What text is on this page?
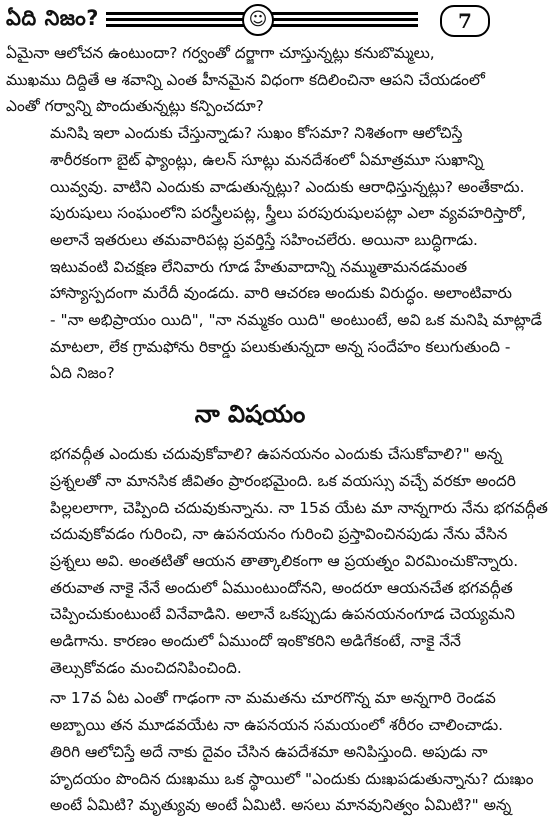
ఏది నిజం?	☺	7

ఏమైనా ఆలోచన ఉంటుందా? గర్వంతో దర్జాగా చూస్తున్నట్లు కనుబొమ్మలు,
ముఖము దిద్దితే ఆ శవాన్ని ఎంత హీనమైన విధంగా కదిలించినా ఆపని చేయడంలో
ఎంతో గర్వాన్ని పొందుతున్నట్లు కన్పించదూ?

మనిషి ఇలా ఎందుకు చేస్తున్నాడు? సుఖం కోసమా? నిశితంగా ఆలోచిస్తే
శారీరకంగా బైట్ ఫ్యాంట్లు, ఉలన్ సూట్లు మనదేశంలో ఏమాత్రమూ సుఖాన్ని
యివ్వవు. వాటిని ఎందుకు వాడుతున్నట్లు? ఎందుకు ఆరాధిస్తున్నట్లు? అంతేకాదు.
పురుషులు సంఘంలోని పరస్త్రీలపట్ల, స్త్రీలు పరపురుషులపట్లా ఎలా వ్యవహరిస్తారో,
అలానే ఇతరులు తమవారిపట్ల ప్రవర్తిస్తే సహించలేరు. అయినా బుద్ధిగాడు.
ఇటువంటి విచక్షణ లేనివారు గూడ హేతువాదాన్ని నమ్ముతామనడమంత
హాస్యాస్పదంగా మరేదీ వుండదు. వారి ఆచరణ అందుకు విరుద్ధం. అలాంటివారు
- "నా అభిప్రాయం యిది", "నా నమ్మకం యిది" అంటుంటే, అవి ఒక మనిషి మాట్లాడే
మాటలా, లేక గ్రామఫోను రికార్డు పలుకుతున్నదా అన్న సందేహం కలుగుతుంది -
ఏది నిజం?

నా విషయం

భగవద్గీత ఎందుకు చదువుకోవాలి? ఉపనయనం ఎందుకు చేసుకోవాలి?" అన్న
ప్రశ్నలతో నా మానసిక జీవితం ప్రారంభమైంది. ఒక వయస్సు వచ్చే వరకూ అందరి
పిల్లలలాగా, చెప్పింది చదువుకున్నాను. నా 15వ యేట మా నాన్నగారు నేను భగవద్గీత
చదువుకోవడం గురించి, నా ఉపనయనం గురించి ప్రస్తావించినపుడు నేను వేసిన
ప్రశ్నలు అవి. అంతటితో ఆయన తాత్కాలికంగా ఆ ప్రయత్నం విరమించుకొన్నారు.
తరువాత నాకై నేనే అందులో ఏముంటుందోనని, అందరూ ఆయనచేత భగవద్గీత
చెప్పించుకుంటుంటే వినేవాడిని. అలానే ఒకప్పుడు ఉపనయనంగూడ చెయ్యమని
అడిగాను. కారణం అందులో ఏముందో ఇంకొకరిని అడిగేకంటే, నాకై నేనే
తెల్సుకోవడం మంచిదనిపించింది.

నా 17వ ఏట ఎంతో గాఢంగా నా మమతను చూరగొన్న మా అన్నగారి రెండవ
అబ్బాయి తన మూడవయేట నా ఉపనయన సమయంలో శరీరం చాలించాడు.
తిరిగి ఆలోచిస్తే అదే నాకు దైవం చేసిన ఉపదేశమా అనిపిస్తుంది. అపుడు నా
హృదయం పొందిన దుఃఖము ఒక స్థాయిలో "ఎందుకు దుఃఖపడుతున్నాను? దుఃఖం
అంటే ఏమిటి? మృత్యువు అంటే ఏమిటి. అసలు మానవునిత్వం ఏమిటి?" అన్న
